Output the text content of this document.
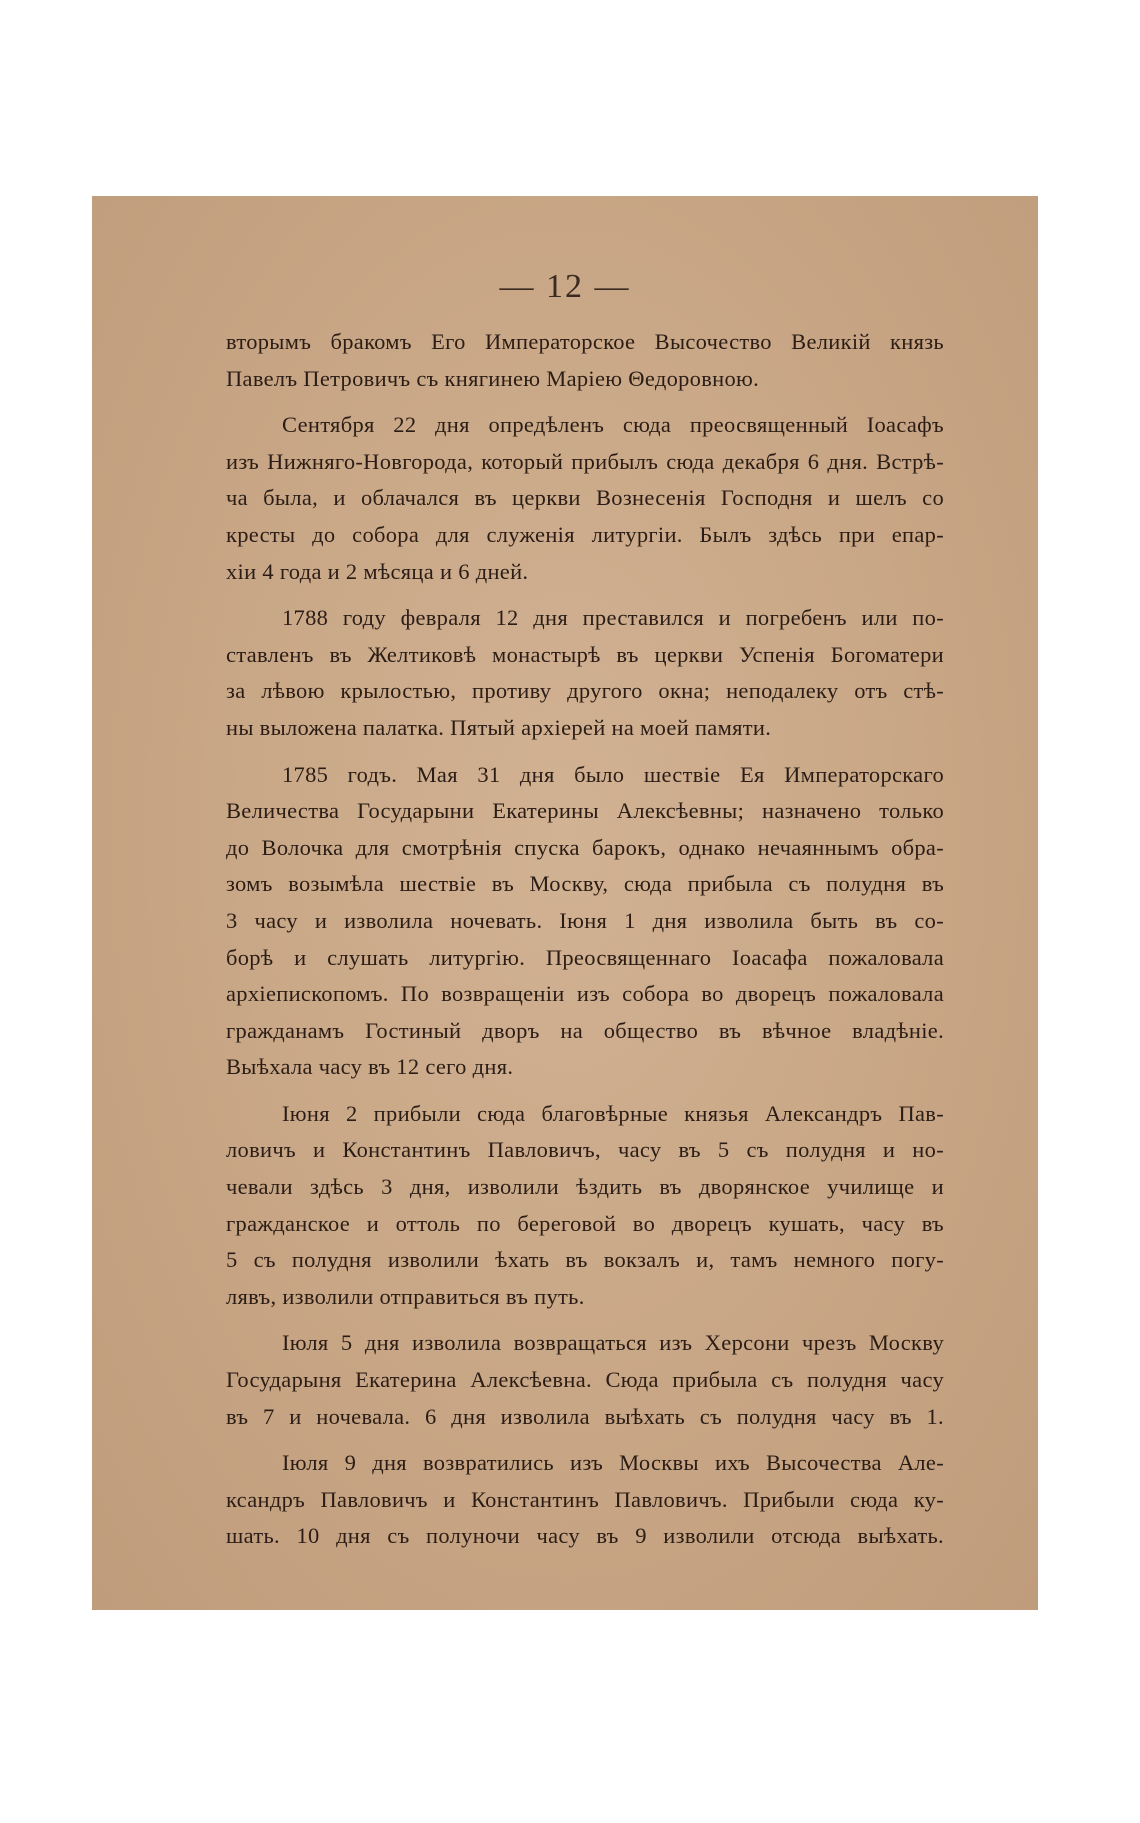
— 12 —

вторымъ бракомъ Его Императорское Высочество Великій князь
Павелъ Петровичъ съ княгинею Маріею Θедоровною.

Сентября 22 дня опредѣленъ сюда преосвященный Іоасафъ
изъ Нижняго-Новгорода, который прибылъ сюда декабря 6 дня. Встрѣ-
ча была, и облачался въ церкви Вознесенія Господня и шелъ со
кресты до собора для служенія литургіи. Былъ здѣсь при епар-
хіи 4 года и 2 мѣсяца и 6 дней.

1788 году февраля 12 дня преставился и погребенъ или по-
ставленъ въ Желтиковѣ монастырѣ въ церкви Успенія Богоматери
за лѣвою крылостью, противу другого окна; неподалеку отъ стѣ-
ны выложена палатка. Пятый архіерей на моей памяти.

1785 годъ. Мая 31 дня было шествіе Ея Императорскаго
Величества Государыни Екатерины Алексѣевны; назначено только
до Волочка для смотрѣнія спуска барокъ, однако нечаяннымъ обра-
зомъ возымѣла шествіе въ Москву, сюда прибыла съ полудня въ
3 часу и изволила ночевать. Іюня 1 дня изволила быть въ со-
борѣ и слушать литургію. Преосвященнаго Іоасафа пожаловала
архіепископомъ. По возвращеніи изъ собора во дворецъ пожаловала
гражданамъ Гостиный дворъ на общество въ вѣчное владѣніе.
Выѣхала часу въ 12 сего дня.

Іюня 2 прибыли сюда благовѣрные князья Александръ Пав-
ловичъ и Константинъ Павловичъ, часу въ 5 съ полудня и но-
чевали здѣсь 3 дня, изволили ѣздить въ дворянское училище и
гражданское и оттоль по береговой во дворецъ кушать, часу въ
5 съ полудня изволили ѣхать въ вокзалъ и, тамъ немного погу-
лявъ, изволили отправиться въ путь.

Іюля 5 дня изволила возвращаться изъ Херсони чрезъ Москву
Государыня Екатерина Алексѣевна. Сюда прибыла съ полудня часу
въ 7 и ночевала. 6 дня изволила выѣхать съ полудня часу въ 1.

Іюля 9 дня возвратились изъ Москвы ихъ Высочества Але-
ксандръ Павловичъ и Константинъ Павловичъ. Прибыли сюда ку-
шать. 10 дня съ полуночи часу въ 9 изволили отсюда выѣхать.
